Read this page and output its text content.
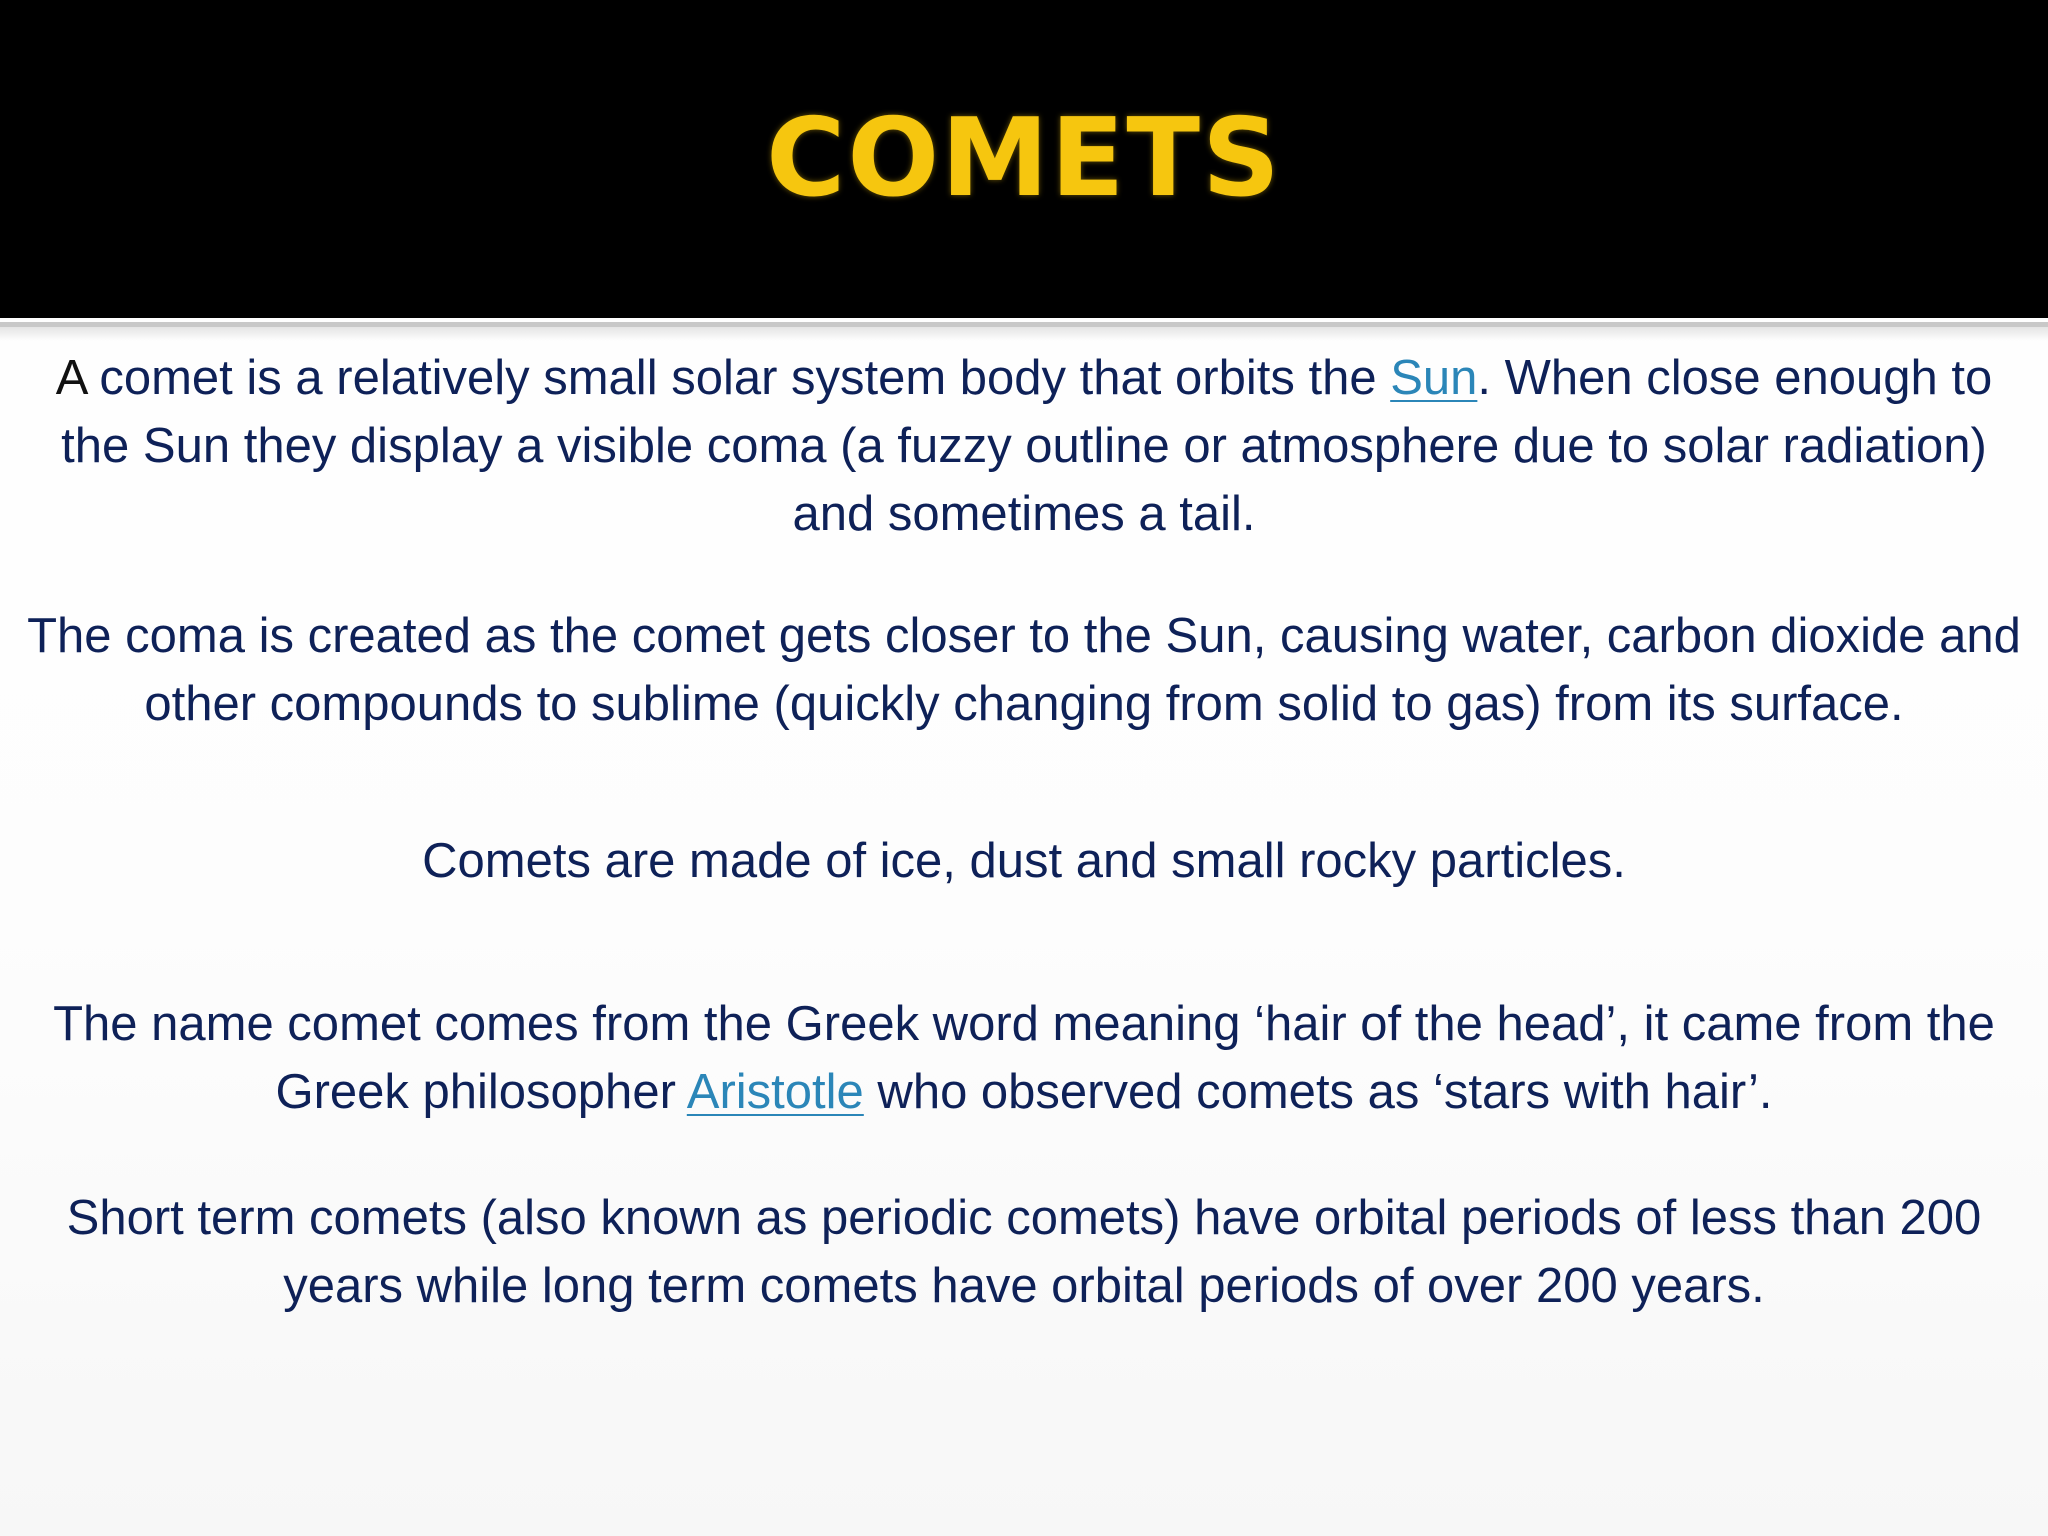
COMETS
A comet is a relatively small solar system body that orbits the Sun. When close enough to the Sun they display a visible coma (a fuzzy outline or atmosphere due to solar radiation) and sometimes a tail.
The coma is created as the comet gets closer to the Sun, causing water, carbon dioxide and other compounds to sublime (quickly changing from solid to gas) from its surface.
Comets are made of ice, dust and small rocky particles.
The name comet comes from the Greek word meaning ‘hair of the head’, it came from the Greek philosopher Aristotle who observed comets as ‘stars with hair’.
Short term comets (also known as periodic comets) have orbital periods of less than 200 years while long term comets have orbital periods of over 200 years.
